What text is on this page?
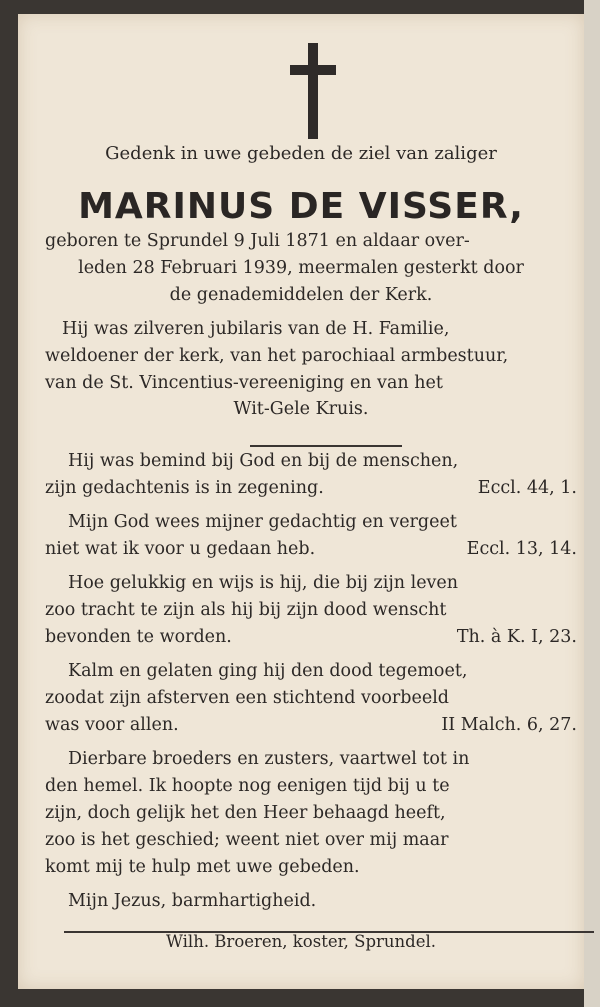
Gedenk in uwe gebeden de ziel van zaliger
MARINUS DE VISSER,
geboren te Sprundel 9 Juli 1871 en aldaar over-
leden 28 Februari 1939, meermalen gesterkt door
de genademiddelen der Kerk.
Hij was zilveren jubilaris van de H. Familie,
weldoener der kerk, van het parochiaal armbestuur,
van de St. Vincentius-vereeniging en van het
Wit-Gele Kruis.
Hij was bemind bij God en bij de menschen,
zijn gedachtenis is in zegening.	Eccl. 44, 1.
Mijn God wees mijner gedachtig en vergeet
niet wat ik voor u gedaan heb.	Eccl. 13, 14.
Hoe gelukkig en wijs is hij, die bij zijn leven
zoo tracht te zijn als hij bij zijn dood wenscht
bevonden te worden.	Th. à K. I, 23.
Kalm en gelaten ging hij den dood tegemoet,
zoodat zijn afsterven een stichtend voorbeeld
was voor allen.	II Malch. 6, 27.
Dierbare broeders en zusters, vaartwel tot in
den hemel. Ik hoopte nog eenigen tijd bij u te
zijn, doch gelijk het den Heer behaagd heeft,
zoo is het geschied; weent niet over mij maar
komt mij te hulp met uwe gebeden.
Mijn Jezus, barmhartigheid.
Wilh. Broeren, koster, Sprundel.
